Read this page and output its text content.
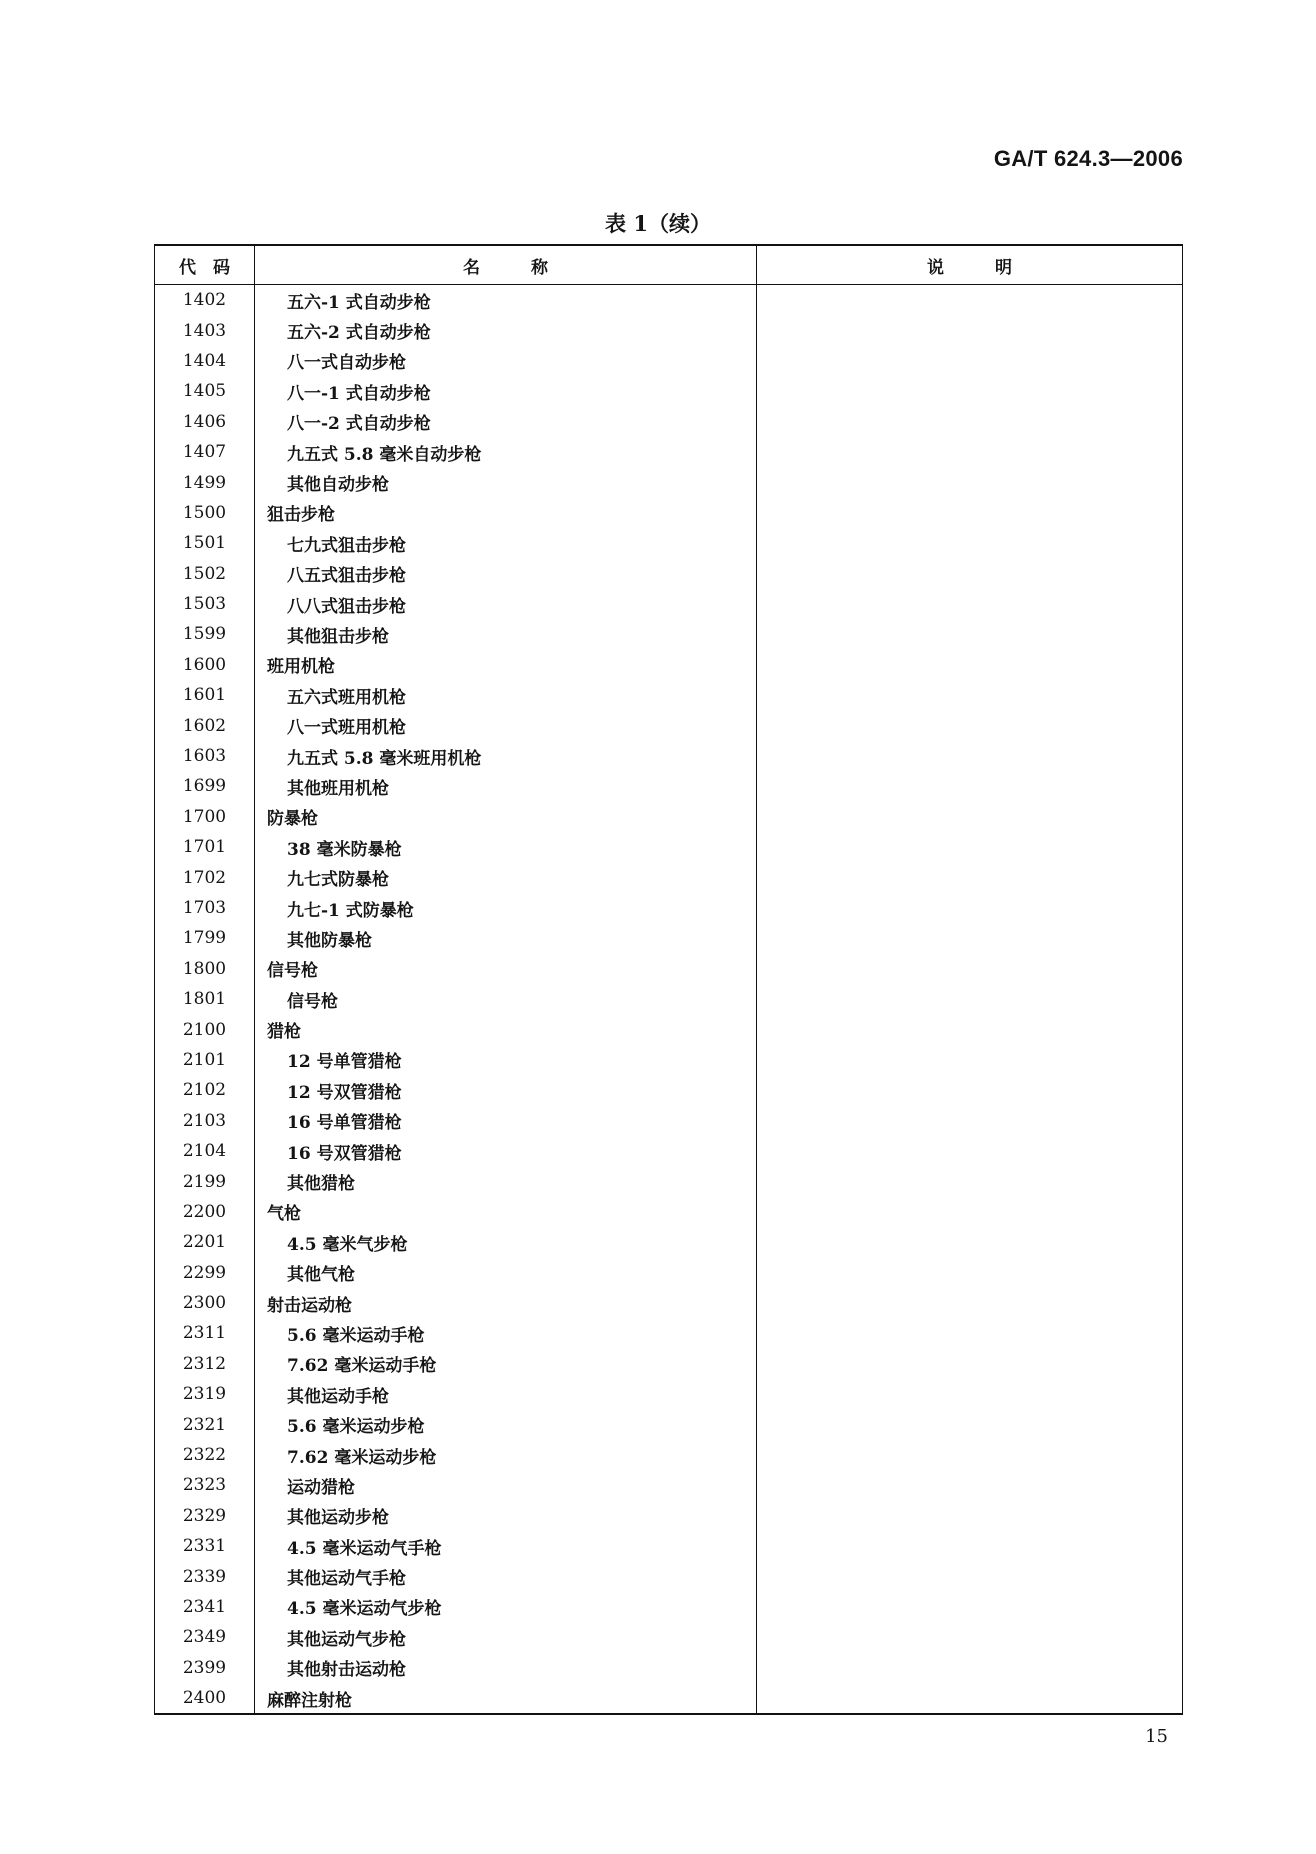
GA/T 624.3—2006
表 1（续）
代　码	名　　　称	说　　　明
1402	五六-1 式自动步枪	
1403	五六-2 式自动步枪	
1404	八一式自动步枪	
1405	八一-1 式自动步枪	
1406	八一-2 式自动步枪	
1407	九五式 5.8 毫米自动步枪	
1499	其他自动步枪	
1500	狙击步枪	
1501	七九式狙击步枪	
1502	八五式狙击步枪	
1503	八八式狙击步枪	
1599	其他狙击步枪	
1600	班用机枪	
1601	五六式班用机枪	
1602	八一式班用机枪	
1603	九五式 5.8 毫米班用机枪	
1699	其他班用机枪	
1700	防暴枪	
1701	38 毫米防暴枪	
1702	九七式防暴枪	
1703	九七-1 式防暴枪	
1799	其他防暴枪	
1800	信号枪	
1801	信号枪	
2100	猎枪	
2101	12 号单管猎枪	
2102	12 号双管猎枪	
2103	16 号单管猎枪	
2104	16 号双管猎枪	
2199	其他猎枪	
2200	气枪	
2201	4.5 毫米气步枪	
2299	其他气枪	
2300	射击运动枪	
2311	5.6 毫米运动手枪	
2312	7.62 毫米运动手枪	
2319	其他运动手枪	
2321	5.6 毫米运动步枪	
2322	7.62 毫米运动步枪	
2323	运动猎枪	
2329	其他运动步枪	
2331	4.5 毫米运动气手枪	
2339	其他运动气手枪	
2341	4.5 毫米运动气步枪	
2349	其他运动气步枪	
2399	其他射击运动枪	
2400	麻醉注射枪	
15
